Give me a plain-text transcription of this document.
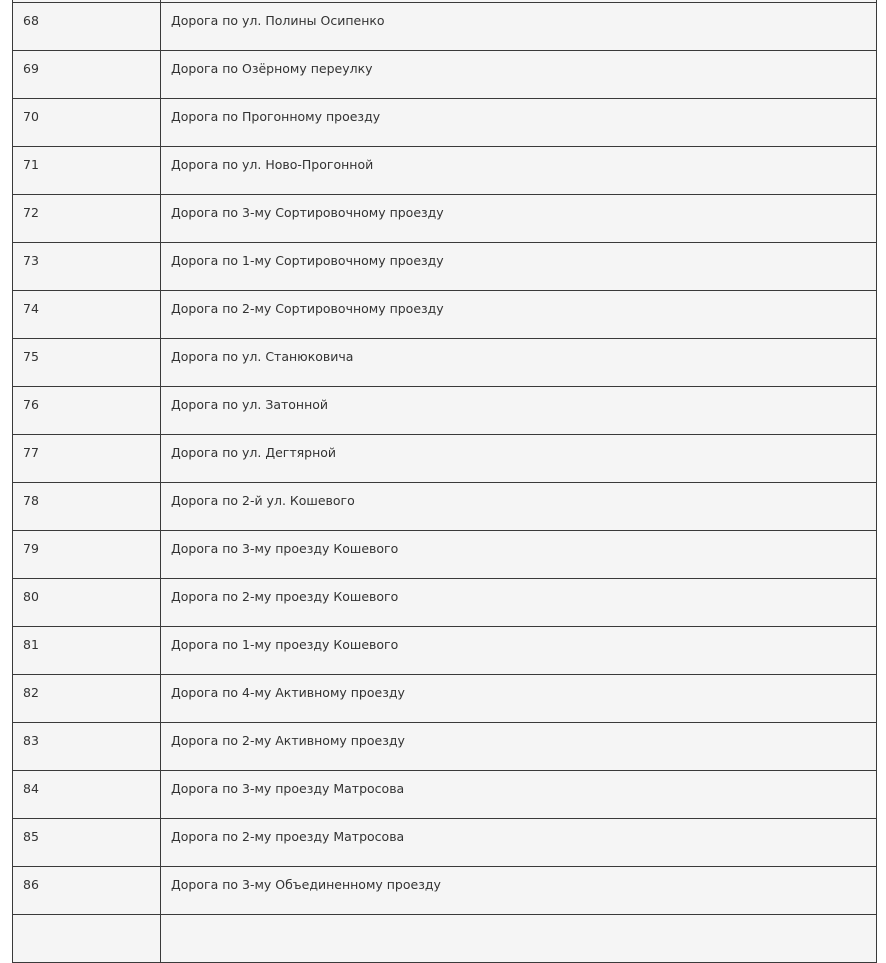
68	Дорога по ул. Полины Осипенко
69	Дорога по Озёрному переулку
70	Дорога по Прогонному проезду
71	Дорога по ул. Ново-Прогонной
72	Дорога по 3-му Сортировочному проезду
73	Дорога по 1-му Сортировочному проезду
74	Дорога по 2-му Сортировочному проезду
75	Дорога по ул. Станюковича
76	Дорога по ул. Затонной
77	Дорога по ул. Дегтярной
78	Дорога по 2-й ул. Кошевого
79	Дорога по 3-му проезду Кошевого
80	Дорога по 2-му проезду Кошевого
81	Дорога по 1-му проезду Кошевого
82	Дорога по 4-му Активному проезду
83	Дорога по 2-му Активному проезду
84	Дорога по 3-му проезду Матросова
85	Дорога по 2-му проезду Матросова
86	Дорога по 3-му Объединенному проезду
